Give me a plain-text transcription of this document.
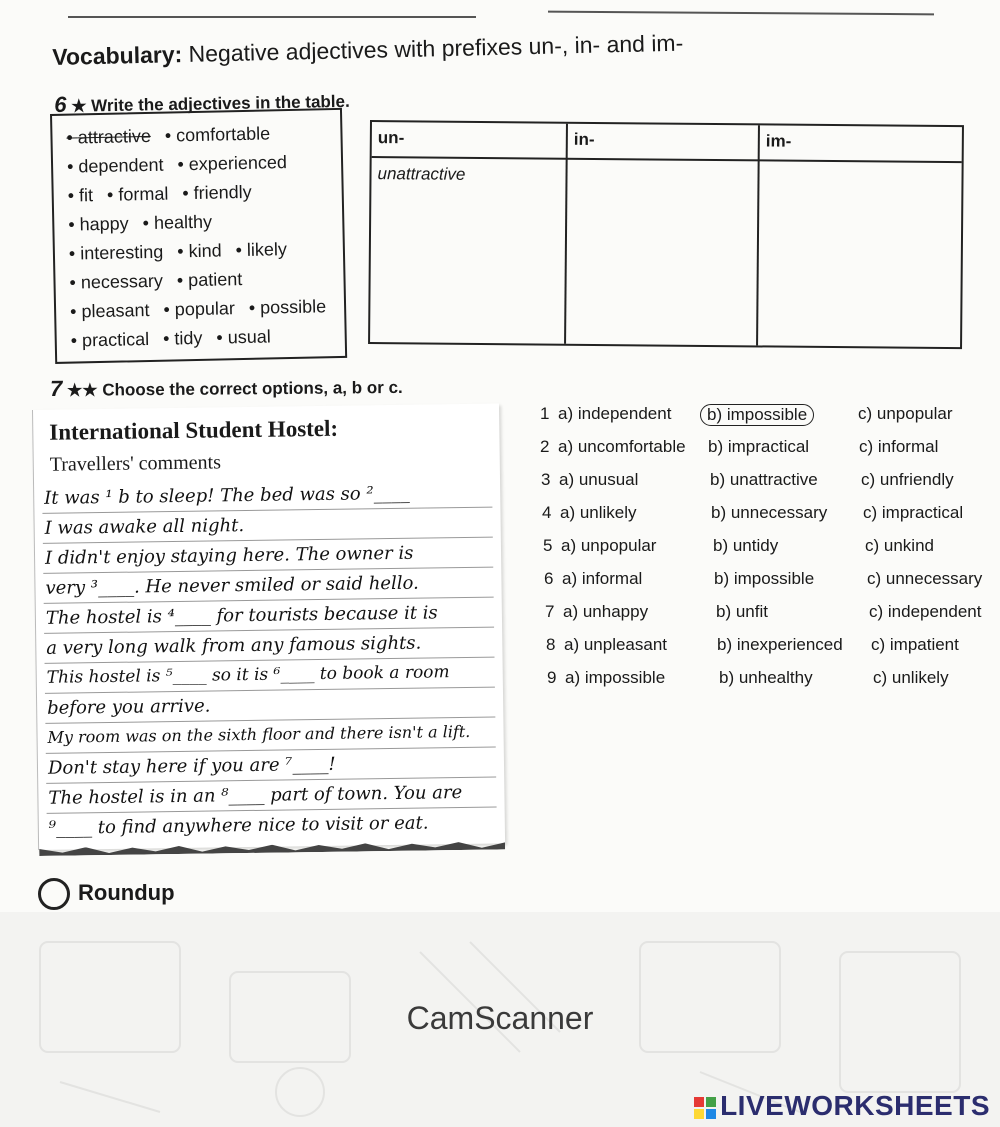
Vocabulary: Negative adjectives with prefixes un-, in- and im-
6 ★ Write the adjectives in the table.
• attractive • comfortable
• dependent • experienced
• fit • formal • friendly
• happy • healthy
• interesting • kind • likely
• necessary • patient
• pleasant • popular • possible
• practical • tidy • usual
un-	in-	im-
unattractive
7 ★★ Choose the correct options, a, b or c.
International Student Hostel:
Travellers' comments
It was ¹ b to sleep! The bed was so ²____
I was awake all night.
I didn't enjoy staying here. The owner is
very ³____. He never smiled or said hello.
The hostel is ⁴____ for tourists because it is
a very long walk from any famous sights.
This hostel is ⁵____ so it is ⁶____ to book a room
before you arrive.
My room was on the sixth floor and there isn't a lift.
Don't stay here if you are ⁷____!
The hostel is in an ⁸____ part of town. You are
⁹____ to find anywhere nice to visit or eat.
1 a) independent	b) impossible	c) unpopular
2 a) uncomfortable b) impractical	c) informal
3 a) unusual	b) unattractive	c) unfriendly
4 a) unlikely	b) unnecessary c) impractical
5 a) unpopular	b) untidy	c) unkind
6 a) informal	b) impossible	c) unnecessary
7 a) unhappy	b) unfit	c) independent
8 a) unpleasant	b) inexperienced c) impatient
9 a) impossible	b) unhealthy	c) unlikely
Roundup
CamScanner
LIVEWORKSHEETS
